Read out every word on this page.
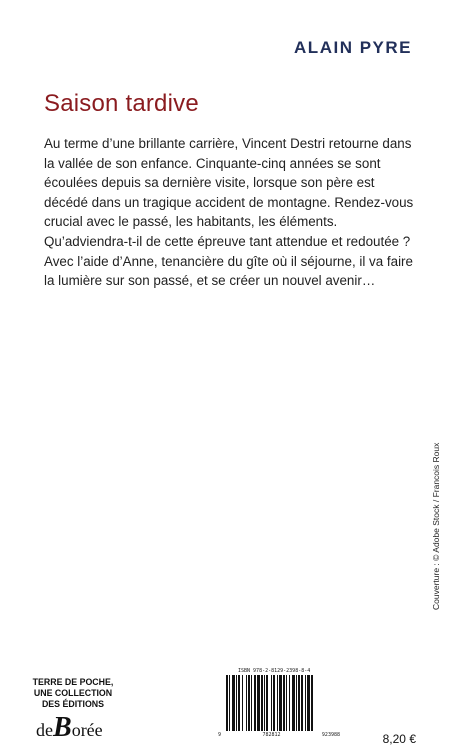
ALAIN PYRE
Saison tardive

Au terme d’une brillante carrière, Vincent Destri retourne dans la vallée de son enfance. Cinquante-cinq années se sont écoulées depuis sa dernière visite, lorsque son père est décédé dans un tragique accident de montagne. Rendez-vous crucial avec le passé, les habitants, les éléments. Qu’adviendra-t-il de cette épreuve tant attendue et redoutée ? Avec l’aide d’Anne, tenancière du gîte où il séjourne, il va faire la lumière sur son passé, et se créer un nouvel avenir…

Couverture : © Adobe Stock / Francois Roux
TERRE DE POCHE,
UNE COLLECTION
DES ÉDITIONS
deBorée
ISBN 978-2-8129-2398-8-4
9	782812	923988	8,20 €
